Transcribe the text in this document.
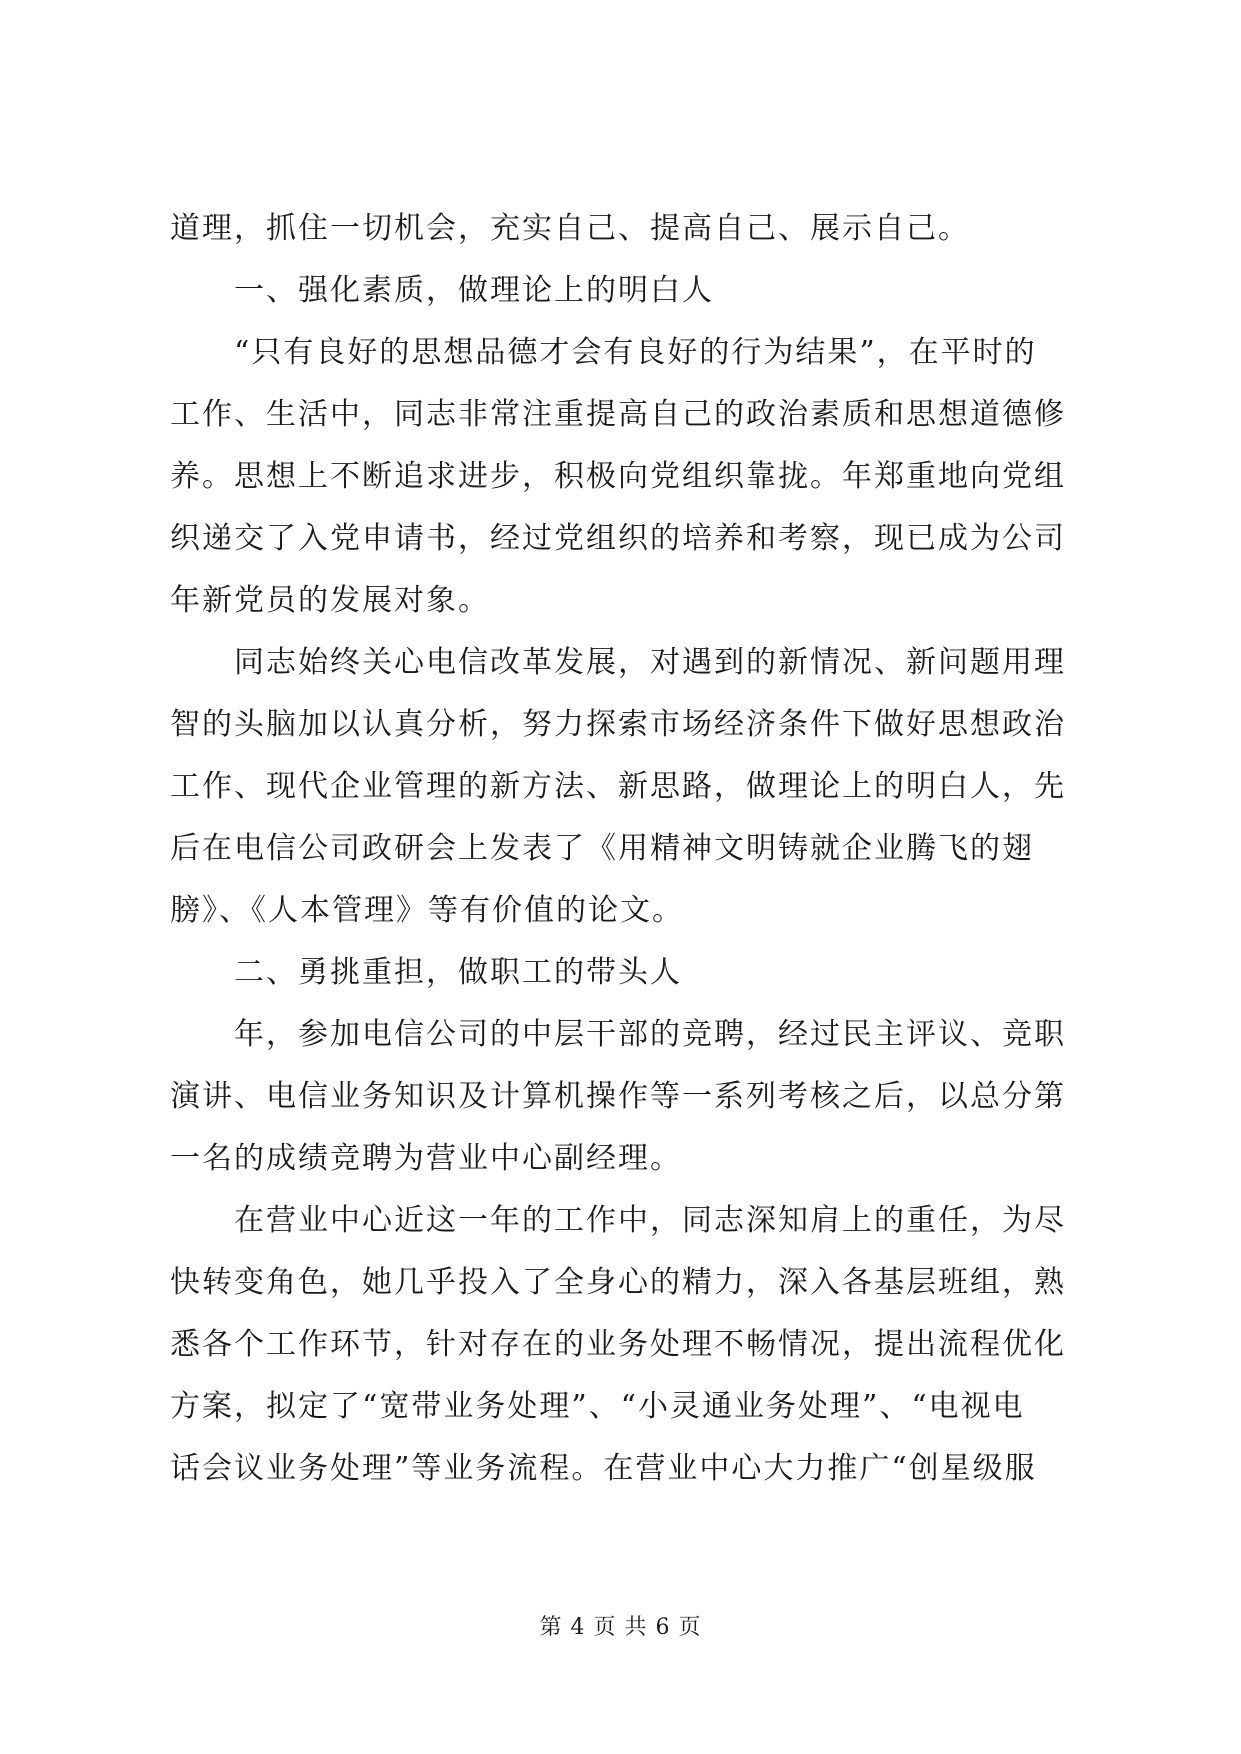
道理，抓住一切机会，充实自己、提高自己、展示自己。
一、强化素质，做理论上的明白人
“只有良好的思想品德才会有良好的行为结果”，在平时的
工作、生活中，同志非常注重提高自己的政治素质和思想道德修
养。思想上不断追求进步，积极向党组织靠拢。年郑重地向党组
织递交了入党申请书，经过党组织的培养和考察，现已成为公司
年新党员的发展对象。
同志始终关心电信改革发展，对遇到的新情况、新问题用理
智的头脑加以认真分析，努力探索市场经济条件下做好思想政治
工作、现代企业管理的新方法、新思路，做理论上的明白人，先
后在电信公司政研会上发表了《用精神文明铸就企业腾飞的翅
膀》、《人本管理》等有价值的论文。
二、勇挑重担，做职工的带头人
年，参加电信公司的中层干部的竞聘，经过民主评议、竞职
演讲、电信业务知识及计算机操作等一系列考核之后，以总分第
一名的成绩竞聘为营业中心副经理。
在营业中心近这一年的工作中，同志深知肩上的重任，为尽
快转变角色，她几乎投入了全身心的精力，深入各基层班组，熟
悉各个工作环节，针对存在的业务处理不畅情况，提出流程优化
方案，拟定了“宽带业务处理”、“小灵通业务处理”、“电视电
话会议业务处理”等业务流程。在营业中心大力推广“创星级服
第 4 页 共 6 页
